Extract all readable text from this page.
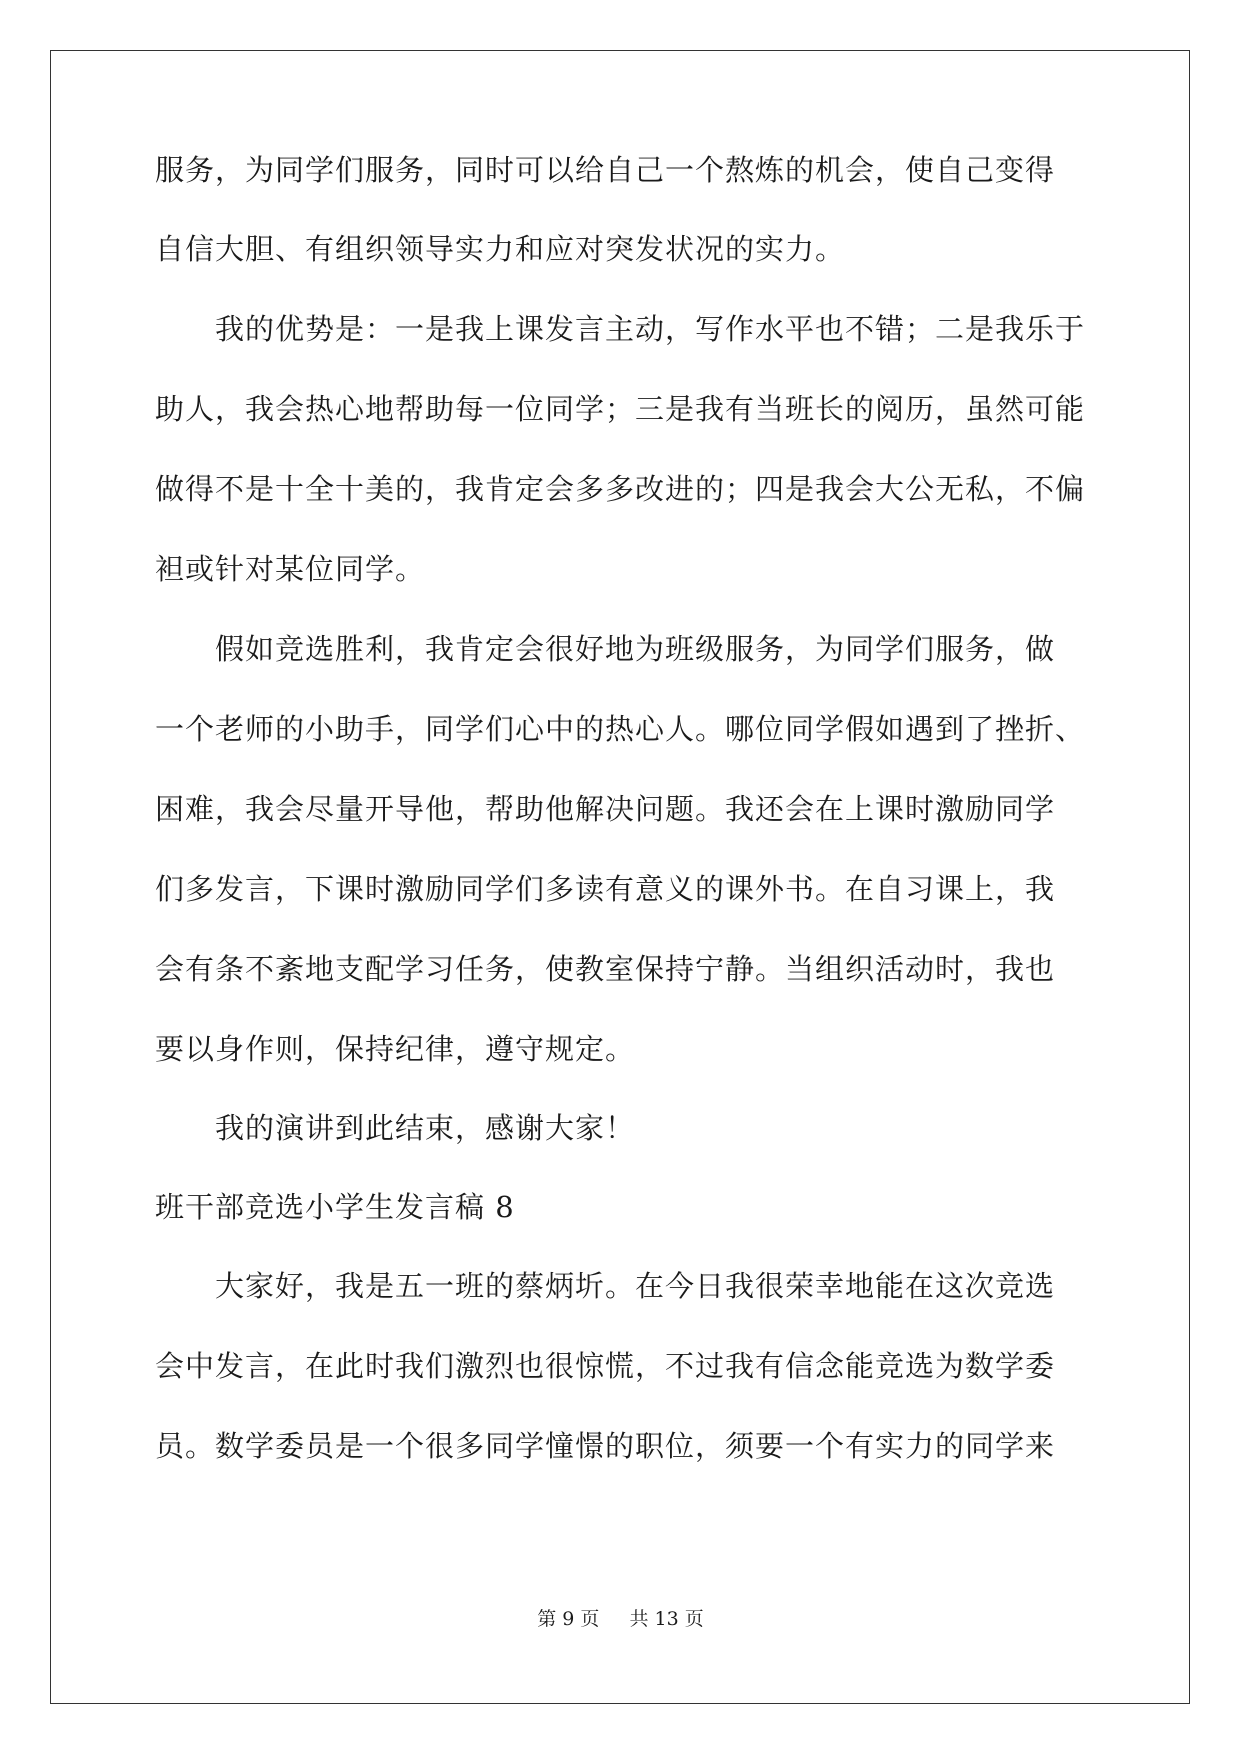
服务，为同学们服务，同时可以给自己一个熬炼的机会，使自己变得
自信大胆、有组织领导实力和应对突发状况的实力。
我的优势是：一是我上课发言主动，写作水平也不错；二是我乐于
助人，我会热心地帮助每一位同学；三是我有当班长的阅历，虽然可能
做得不是十全十美的，我肯定会多多改进的；四是我会大公无私，不偏
袒或针对某位同学。
假如竞选胜利，我肯定会很好地为班级服务，为同学们服务，做
一个老师的小助手，同学们心中的热心人。哪位同学假如遇到了挫折、
困难，我会尽量开导他，帮助他解决问题。我还会在上课时激励同学
们多发言，下课时激励同学们多读有意义的课外书。在自习课上，我
会有条不紊地支配学习任务，使教室保持宁静。当组织活动时，我也
要以身作则，保持纪律，遵守规定。
我的演讲到此结束，感谢大家！
班干部竞选小学生发言稿 8
大家好，我是五一班的蔡炳圻。在今日我很荣幸地能在这次竞选
会中发言，在此时我们激烈也很惊慌，不过我有信念能竞选为数学委
员。数学委员是一个很多同学憧憬的职位，须要一个有实力的同学来
第 9 页 共 13 页
